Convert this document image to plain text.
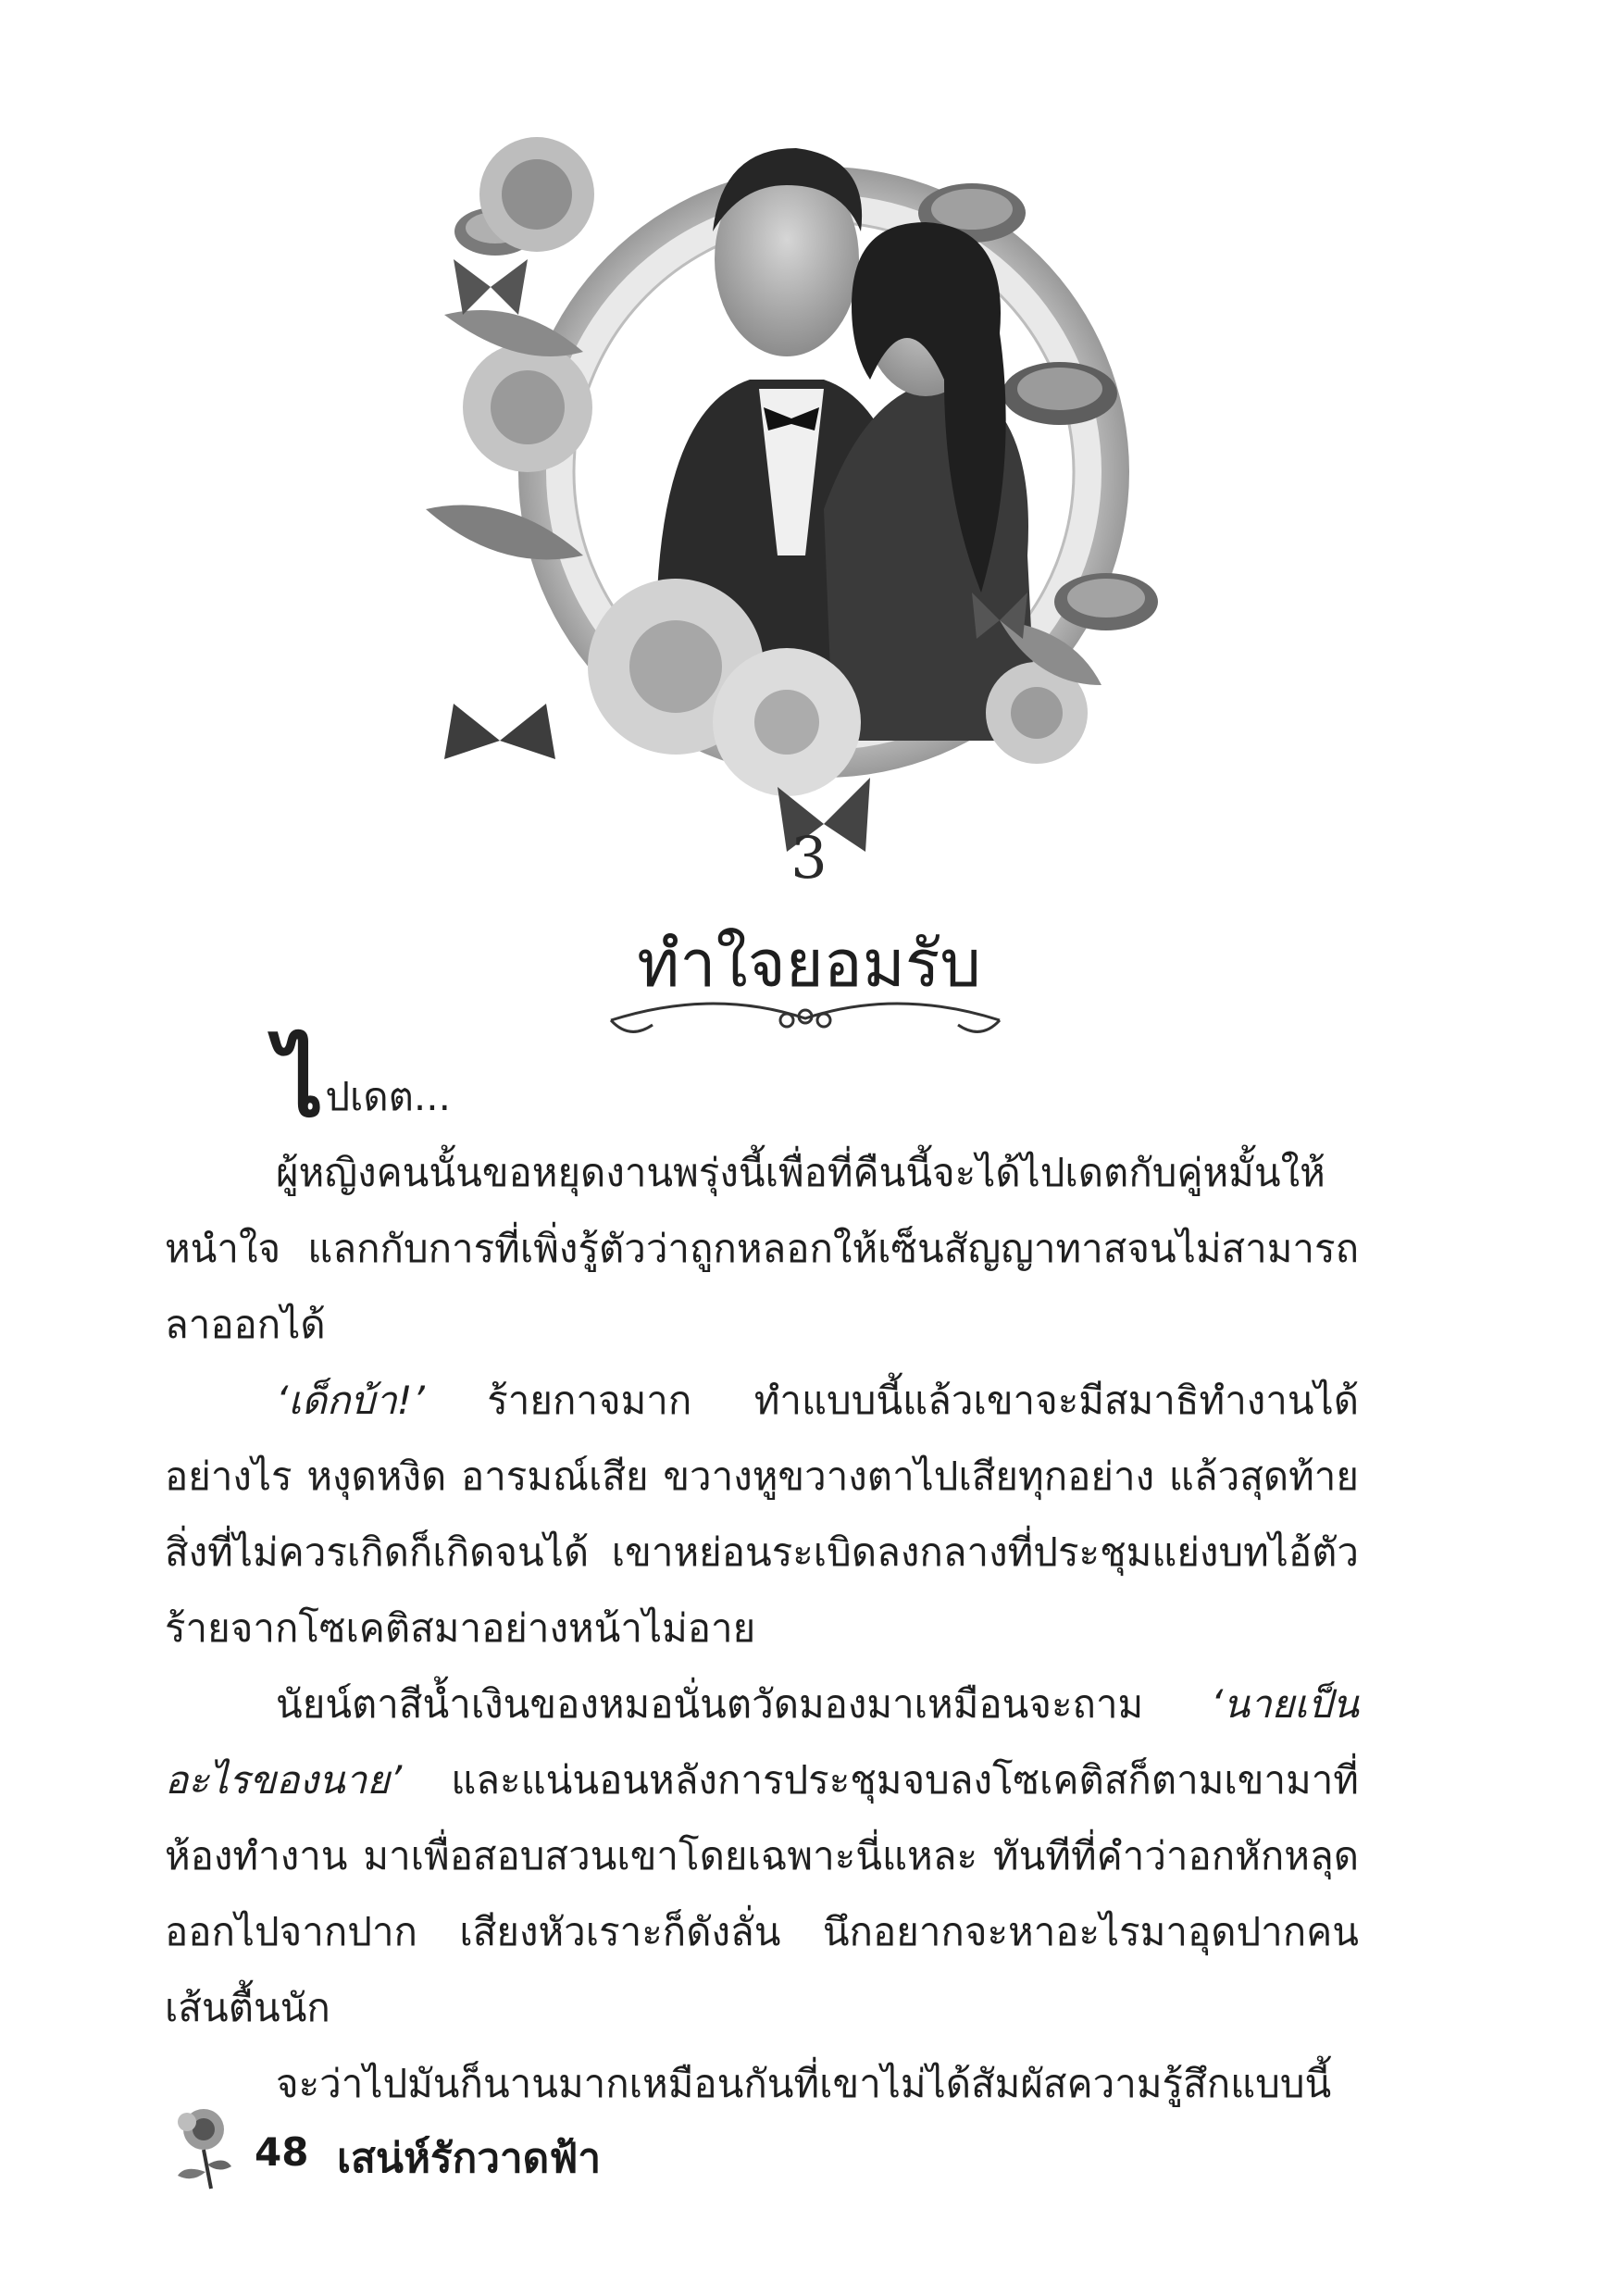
3
ทำใจยอมรับ

ไปเดต...

ผู้หญิงคนนั้นขอหยุดงานพรุ่งนี้เพื่อที่คืนนี้จะได้ไปเดตกับคู่หมั้นให้หนำใจ แลกกับการที่เพิ่งรู้ตัวว่าถูกหลอกให้เซ็นสัญญาทาสจนไม่สามารถลาออกได้

‘เด็กบ้า!’ ร้ายกาจมาก ทำแบบนี้แล้วเขาจะมีสมาธิทำงานได้อย่างไร หงุดหงิด อารมณ์เสีย ขวางหูขวางตาไปเสียทุกอย่าง แล้วสุดท้ายสิ่งที่ไม่ควรเกิดก็เกิดจนได้ เขาหย่อนระเบิดลงกลางที่ประชุมแย่งบทไอ้ตัวร้ายจากโซเคติสมาอย่างหน้าไม่อาย

นัยน์ตาสีน้ำเงินของหมอนั่นตวัดมองมาเหมือนจะถาม ‘นายเป็นอะไรของนาย’ และแน่นอนหลังการประชุมจบลงโซเคติสก็ตามเขามาที่ห้องทำงาน มาเพื่อสอบสวนเขาโดยเฉพาะนี่แหละ ทันทีที่คำว่าอกหักหลุดออกไปจากปาก เสียงหัวเราะก็ดังลั่น นึกอยากจะหาอะไรมาอุดปากคนเส้นตื้นนัก

จะว่าไปมันก็นานมากเหมือนกันที่เขาไม่ได้สัมผัสความรู้สึกแบบนี้

48 เสน่ห์รักวาดฟ้า
